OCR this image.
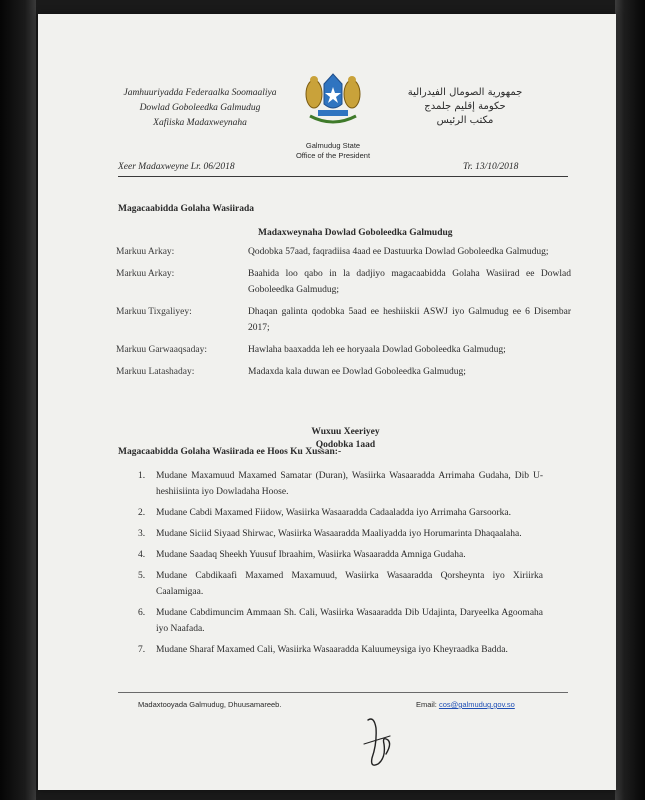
Jamhuuriyadda Federaalka Soomaaliya
Dowlad Goboleedka Galmudug
Xafiiska Madaxweynaha
جمهورية الصومال الفيدرالية
حكومة إقليم جلمدج
مكتب الرئيس
Galmudug State
Office of the President
Xeer Madaxweyne Lr. 06/2018	Tr. 13/10/2018
Magacaabidda Golaha Wasiirada
Madaxweynaha Dowlad Goboleedka Galmudug
Markuu Arkay:	Qodobka 57aad, faqradiisa 4aad ee Dastuurka Dowlad Goboleedka Galmudug;
Markuu Arkay:	Baahida loo qabo in la dadjiyo magacaabidda Golaha Wasiirad ee Dowlad Goboleedka Galmudug;
Markuu Tixgaliyey:	Dhaqan galinta qodobka 5aad ee heshiiskii ASWJ iyo Galmudug ee 6 Disembar 2017;
Markuu Garwaaqsaday:	Hawlaha baaxadda leh ee horyaala Dowlad Goboleedka Galmudug;
Markuu Latashaday:	Madaxda kala duwan ee Dowlad Goboleedka Galmudug;
Wuxuu Xeeriyey
Qodobka 1aad
Magacaabidda Golaha Wasiirada ee Hoos Ku Xussan:-
1.	Mudane Maxamuud Maxamed Samatar (Duran), Wasiirka Wasaaradda Arrimaha Gudaha, Dib U-heshiisiinta iyo Dowladaha Hoose.
2.	Mudane Cabdi Maxamed Fiidow, Wasiirka Wasaaradda Cadaaladda iyo Arrimaha Garsoorka.
3.	Mudane Siciid Siyaad Shirwac, Wasiirka Wasaaradda Maaliyadda iyo Horumarinta Dhaqaalaha.
4.	Mudane Saadaq Sheekh Yuusuf Ibraahim, Wasiirka Wasaaradda Amniga Gudaha.
5.	Mudane Cabdikaafi Maxamed Maxamuud, Wasiirka Wasaaradda Qorsheynta iyo Xiriirka Caalamigaa.
6.	Mudane Cabdimuncim Ammaan Sh. Cali, Wasiirka Wasaaradda Dib Udajinta, Daryeelka Agoomaha iyo Naafada.
7.	Mudane Sharaf Maxamed Cali, Wasiirka Wasaaradda Kaluumeysiga iyo Kheyraadka Badda.
Madaxtooyada Galmudug, Dhuusamareeb.	Email: cos@galmudug.gov.so
